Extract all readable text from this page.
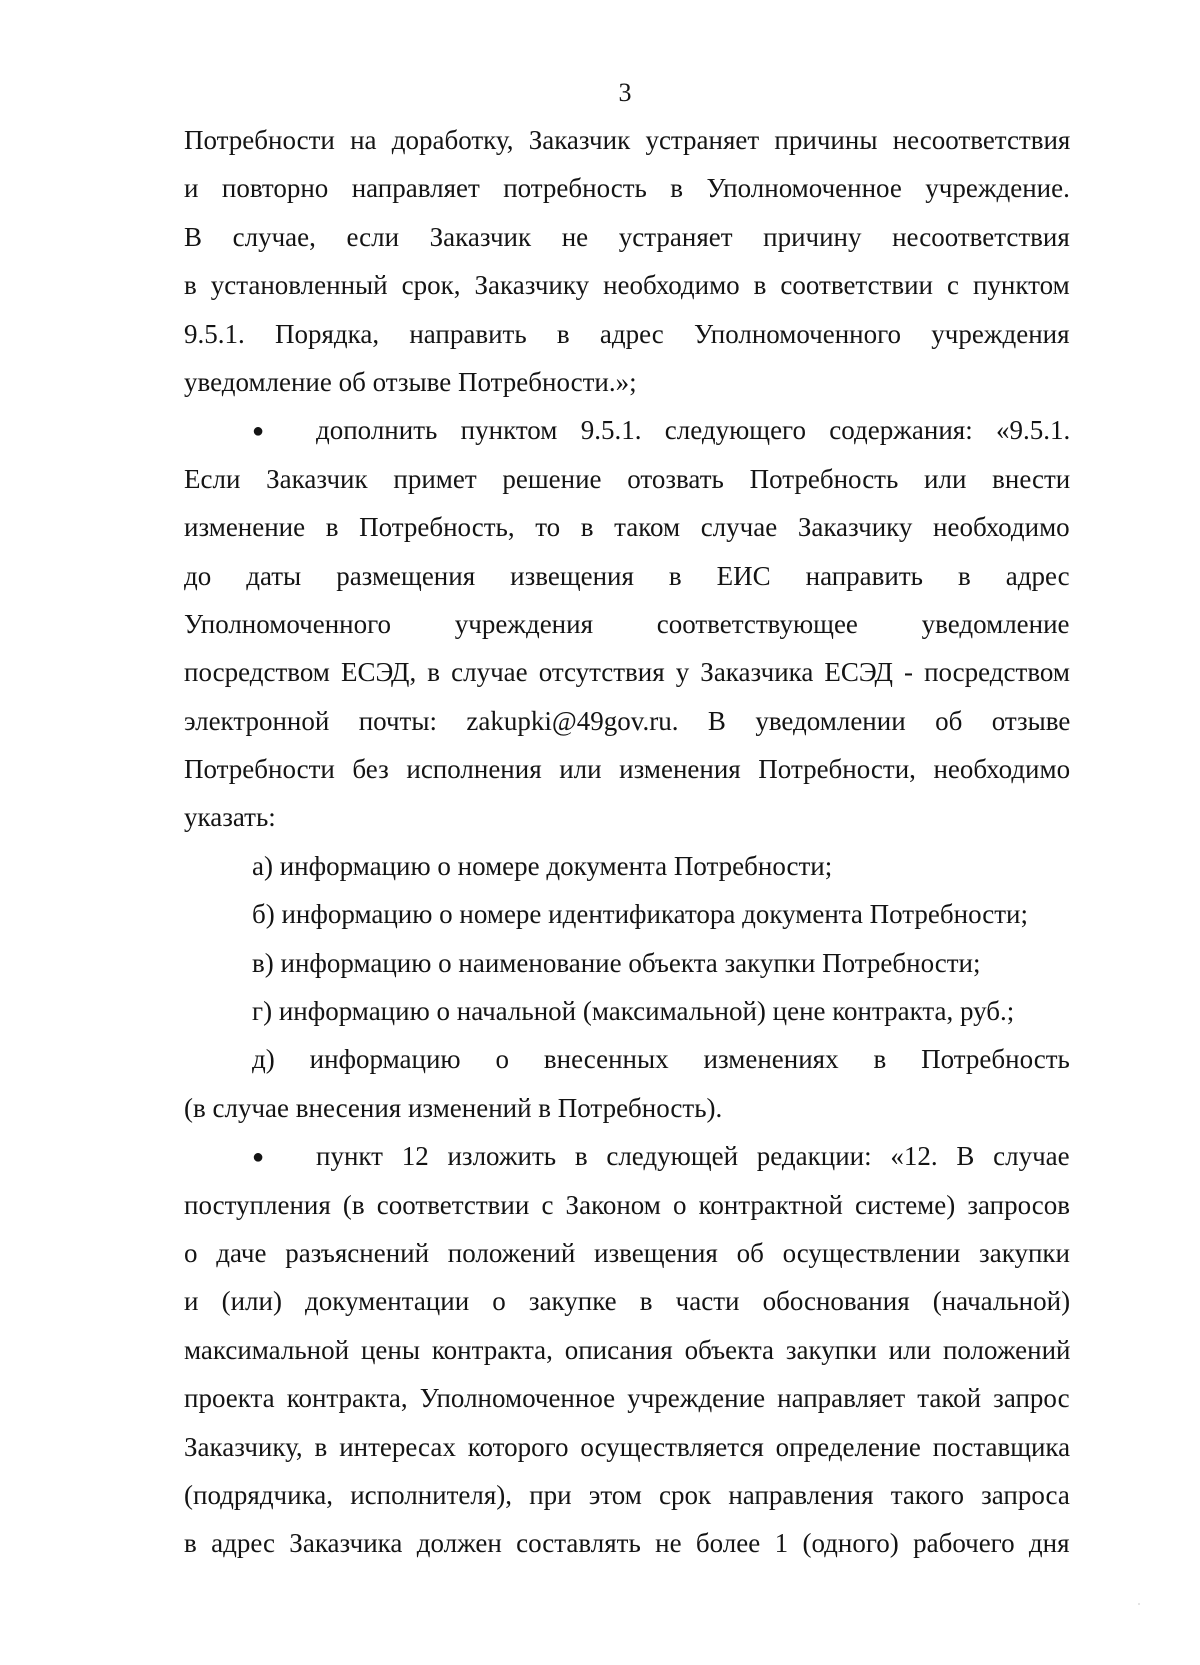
3
Потребности на доработку, Заказчик устраняет причины несоответствия
и повторно направляет потребность в Уполномоченное учреждение.
В случае, если Заказчик не устраняет причину несоответствия
в установленный срок, Заказчику необходимо в соответствии с пунктом
9.5.1. Порядка, направить в адрес Уполномоченного учреждения
уведомление об отзыве Потребности.»;
● дополнить пунктом 9.5.1. следующего содержания: «9.5.1.
Если Заказчик примет решение отозвать Потребность или внести
изменение в Потребность, то в таком случае Заказчику необходимо
до даты размещения извещения в ЕИС направить в адрес
Уполномоченного учреждения соответствующее уведомление
посредством ЕСЭД, в случае отсутствия у Заказчика ЕСЭД - посредством
электронной почты: zakupki@49gov.ru. В уведомлении об отзыве
Потребности без исполнения или изменения Потребности, необходимо
указать:
а) информацию о номере документа Потребности;
б) информацию о номере идентификатора документа Потребности;
в) информацию о наименование объекта закупки Потребности;
г) информацию о начальной (максимальной) цене контракта, руб.;
д) информацию о внесенных изменениях в Потребность
(в случае внесения изменений в Потребность).
● пункт 12 изложить в следующей редакции: «12. В случае
поступления (в соответствии с Законом о контрактной системе) запросов
о даче разъяснений положений извещения об осуществлении закупки
и (или) документации о закупке в части обоснования (начальной)
максимальной цены контракта, описания объекта закупки или положений
проекта контракта, Уполномоченное учреждение направляет такой запрос
Заказчику, в интересах которого осуществляется определение поставщика
(подрядчика, исполнителя), при этом срок направления такого запроса
в адрес Заказчика должен составлять не более 1 (одного) рабочего дня
